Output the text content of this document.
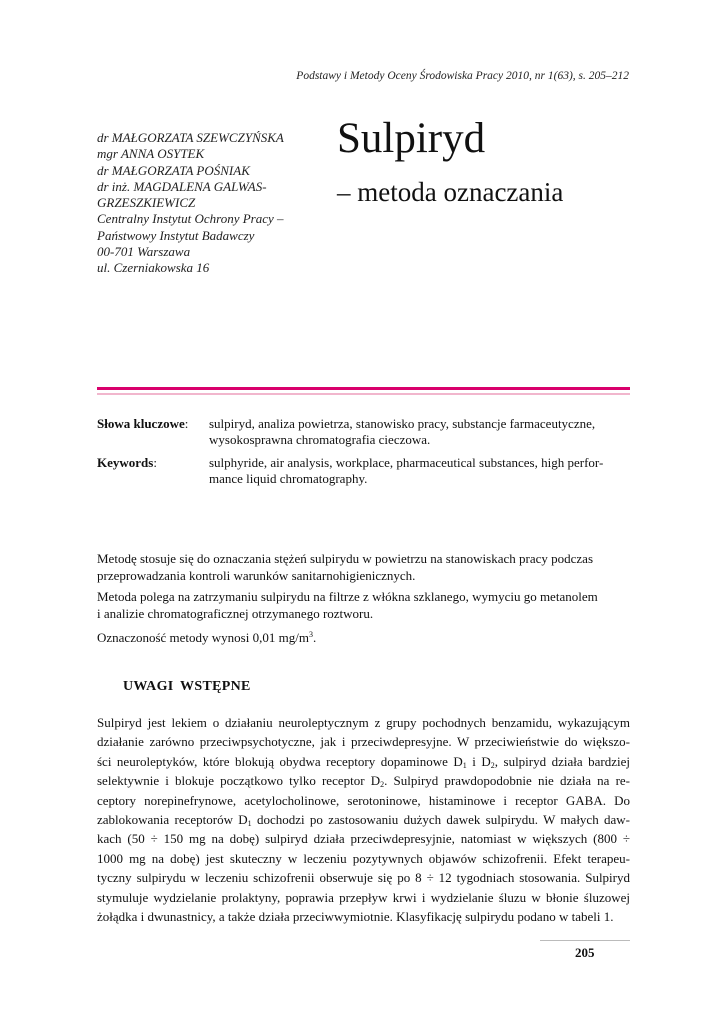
Podstawy i Metody Oceny Środowiska Pracy 2010, nr 1(63), s. 205–212
dr MAŁGORZATA SZEWCZYŃSKA
mgr ANNA OSYTEK
dr MAŁGORZATA POŚNIAK
dr inż. MAGDALENA GALWAS-
GRZESZKIEWICZ
Centralny Instytut Ochrony Pracy –
Państwowy Instytut Badawczy
00-701 Warszawa
ul. Czerniakowska 16
Sulpiryd
– metoda oznaczania
Słowa kluczowe: sulpiryd, analiza powietrza, stanowisko pracy, substancje farmaceutyczne,
wysokosprawna chromatografia cieczowa.
Keywords:	sulphyride, air analysis, workplace, pharmaceutical substances, high perfor-
mance liquid chromatography.
Metodę stosuje się do oznaczania stężeń sulpirydu w powietrzu na stanowiskach pracy podczas
przeprowadzania kontroli warunków sanitarnohigienicznych.
Metoda polega na zatrzymaniu sulpirydu na filtrze z włókna szklanego, wymyciu go metanolem
i analizie chromatograficznej otrzymanego roztworu.
Oznaczoność metody wynosi 0,01 $mg/m^3$.
UWAGI WSTĘPNE
Sulpiryd jest lekiem o działaniu neuroleptycznym z grupy pochodnych benzamidu, wykazującym
działanie zarówno przeciwpsychotyczne, jak i przeciwdepresyjne. W przeciwieństwie do większo-
ści neuroleptyków, które blokują obydwa receptory dopaminowe $D_1$ i $D_2$, sulpiryd działa bardziej
selektywnie i blokuje początkowo tylko receptor $D_2$. Sulpiryd prawdopodobnie nie działa na re-
ceptory norepinefrynowe, acetylocholinowe, serotoninowe, histaminowe i receptor GABA. Do
zablokowania receptorów $D_1$ dochodzi po zastosowaniu dużych dawek sulpirydu. W małych daw-
kach (50 ÷ 150 mg na dobę) sulpiryd działa przeciwdepresyjnie, natomiast w większych (800 ÷
1000 mg na dobę) jest skuteczny w leczeniu pozytywnych objawów schizofrenii. Efekt terapeu-
tyczny sulpirydu w leczeniu schizofrenii obserwuje się po 8 ÷ 12 tygodniach stosowania. Sulpiryd
stymuluje wydzielanie prolaktyny, poprawia przepływ krwi i wydzielanie śluzu w błonie śluzowej
żołądka i dwunastnicy, a także działa przeciwwymiotnie. Klasyfikację sulpirydu podano w tabeli 1.
205
